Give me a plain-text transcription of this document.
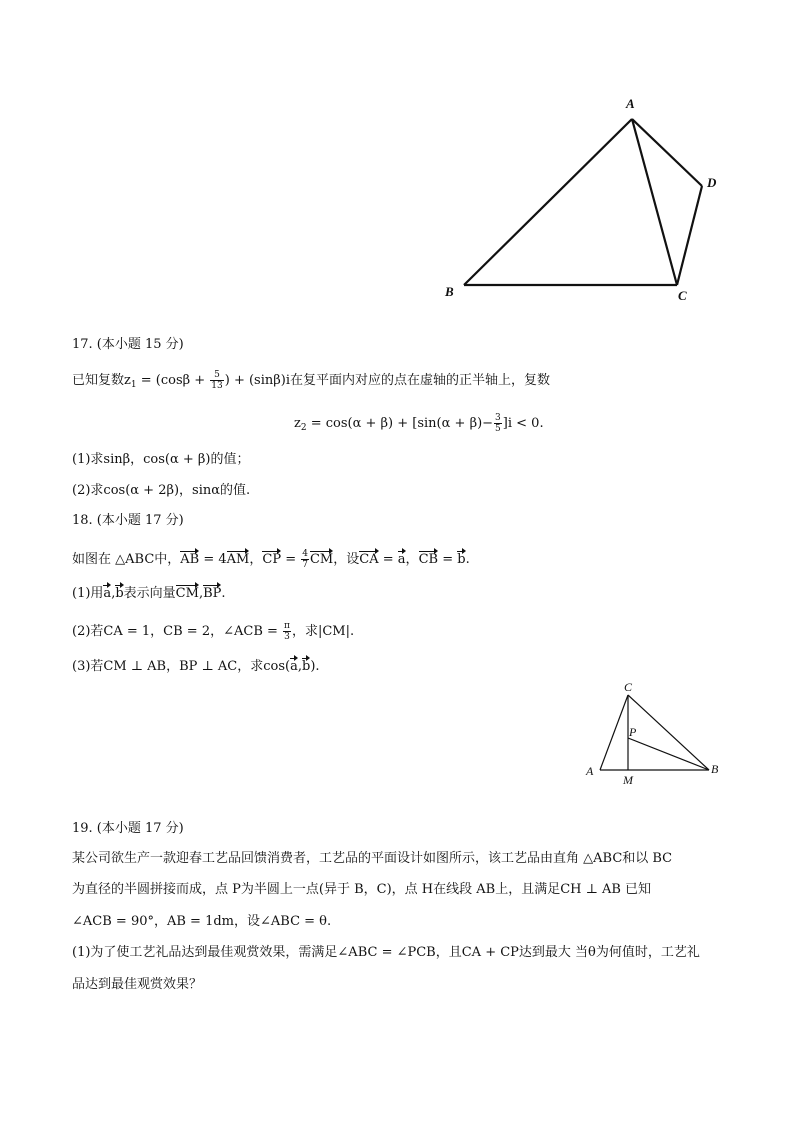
A
B	C
D
17. (本小题 15 分)
已知复数$z_1 = (\cos\beta + \frac{5}{13}$ ) + (sinβ)i在复平面内对应的点在虚轴的正半轴上，复数
$z_2 = \cos(\alpha + \beta) + [\sin(\alpha + \beta)- \frac{3}{5} ]i < 0$.
(1)求sinβ，cos(α + β)的值；
(2)求cos(α + 2β)，sinα的值.
18. (本小题 17 分)
如图在 △ABC中，AB = 4AM，CP = $\frac{4}{7}$ CM，设CA = a，CB = b.
(1)用a,b表示向量CM,BP.
(2)若CA = 1，CB = 2，∠ACB = $\frac{\pi}{3}$ ，求|CM|.
(3)若CM ⊥ AB，BP ⊥ AC，求cos(a,b).
C
P
A
M
B
19. (本小题 17 分)
某公司欲生产一款迎春工艺品回馈消费者，工艺品的平面设计如图所示，该工艺品由直角 △ABC和以 BC
为直径的半圆拼接而成，点 P为半圆上一点(异于 B，C)，点 H在线段 AB上，且满足CH ⊥ AB 已知
∠ACB = 90°，AB = 1dm，设∠ABC = θ.
(1)为了使工艺礼品达到最佳观赏效果，需满足∠ABC = ∠PCB，且CA + CP达到最大 当θ为何值时，工艺礼
品达到最佳观赏效果？
